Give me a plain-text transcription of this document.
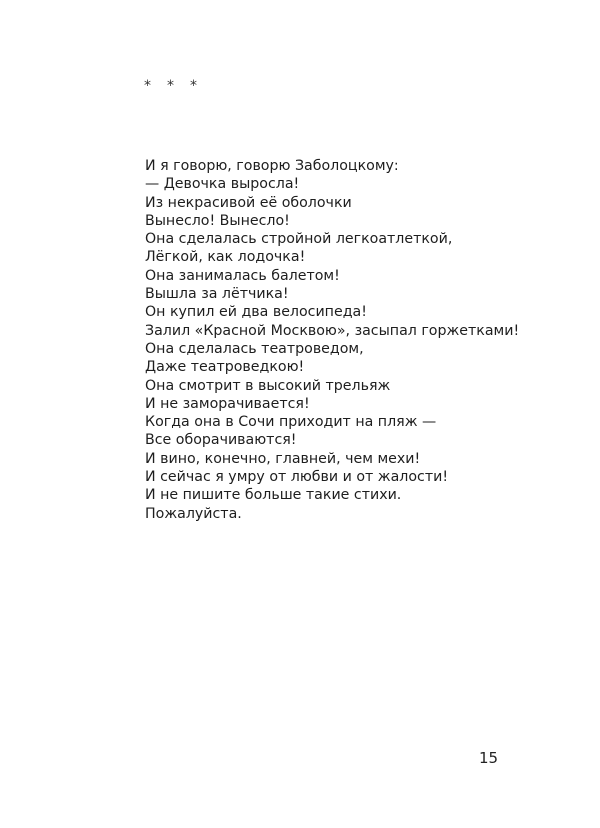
* * *
И я говорю, говорю Заболоцкому:
— Девочка выросла!
Из некрасивой её оболочки
Вынесло! Вынесло!
Она сделалась стройной легкоатлеткой,
Лёгкой, как лодочка!
Она занималась балетом!
Вышла за лётчика!
Он купил ей два велосипеда!
Залил «Красной Москвою», засыпал горжетками!
Она сделалась театроведом,
Даже театроведкою!
Она смотрит в высокий трельяж
И не заморачивается!
Когда она в Сочи приходит на пляж —
Все оборачиваются!
И вино, конечно, главней, чем мехи!
И сейчас я умру от любви и от жалости!
И не пишите больше такие стихи.
Пожалуйста.
15
